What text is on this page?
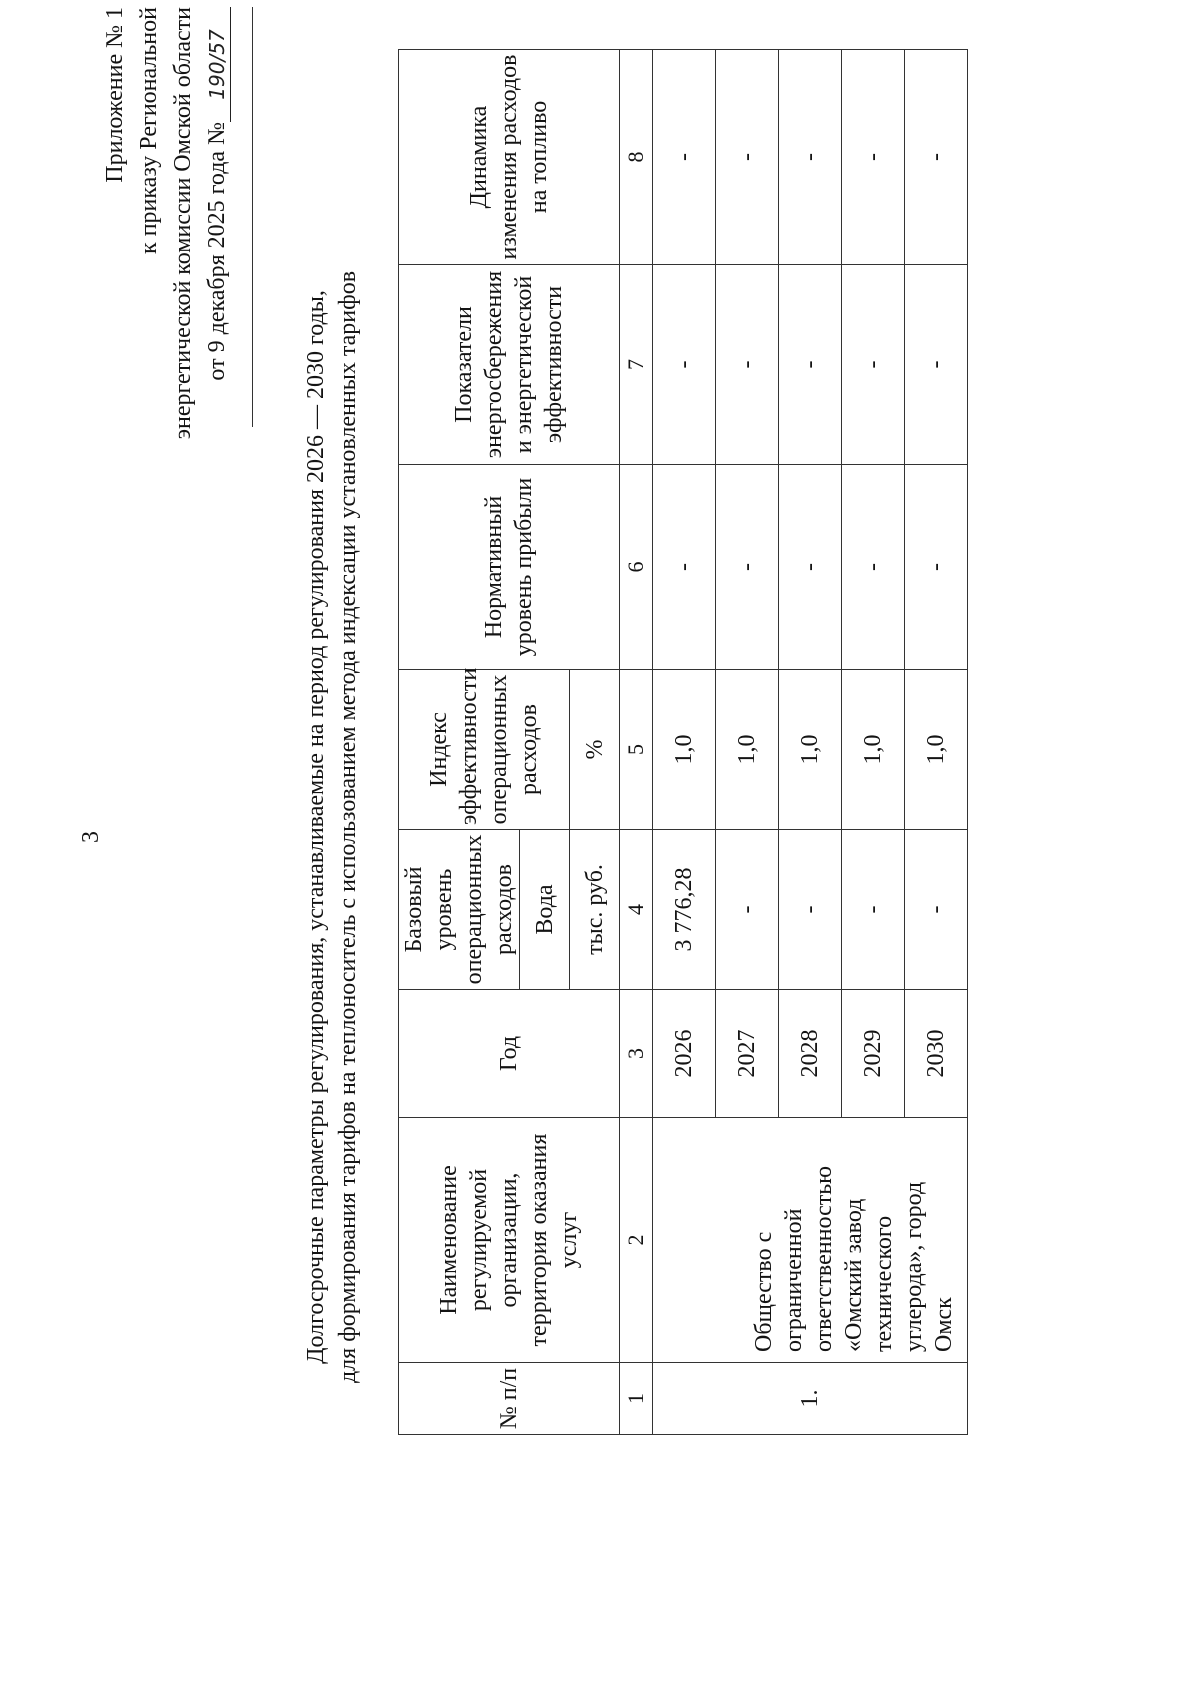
3
Приложение № 1 к приказу Региональной энергетической комиссии Омской области от 9 декабря 2025 года №190/57
Долгосрочные параметры регулирования, устанавливаемые на период регулирования 2026 — 2030 годы, для формирования тарифов на теплоноситель с использованием метода индексации установленных тарифов
№ п/п	Наименование регулируемой организации, территория оказания услуг	Год	Базовый уровень операционных расходов	Индекс эффективности операционных расходов	Нормативный уровень прибыли	Показатели энергосбережения и энергетической эффективности	Динамика изменения расходов на топливо

			Вода				
			тыс. руб.	%			
1	2	3	4	5	6	7	8
1.	Общество с ограниченной ответственностью «Омский завод технического углерода», город Омск	2026	3 776,28	1,0	-	-	-
		2027	-	1,0	-	-	-
		2028	-	1,0	-	-	-
		2029	-	1,0	-	-	-
		2030	-	1,0	-	-	-
